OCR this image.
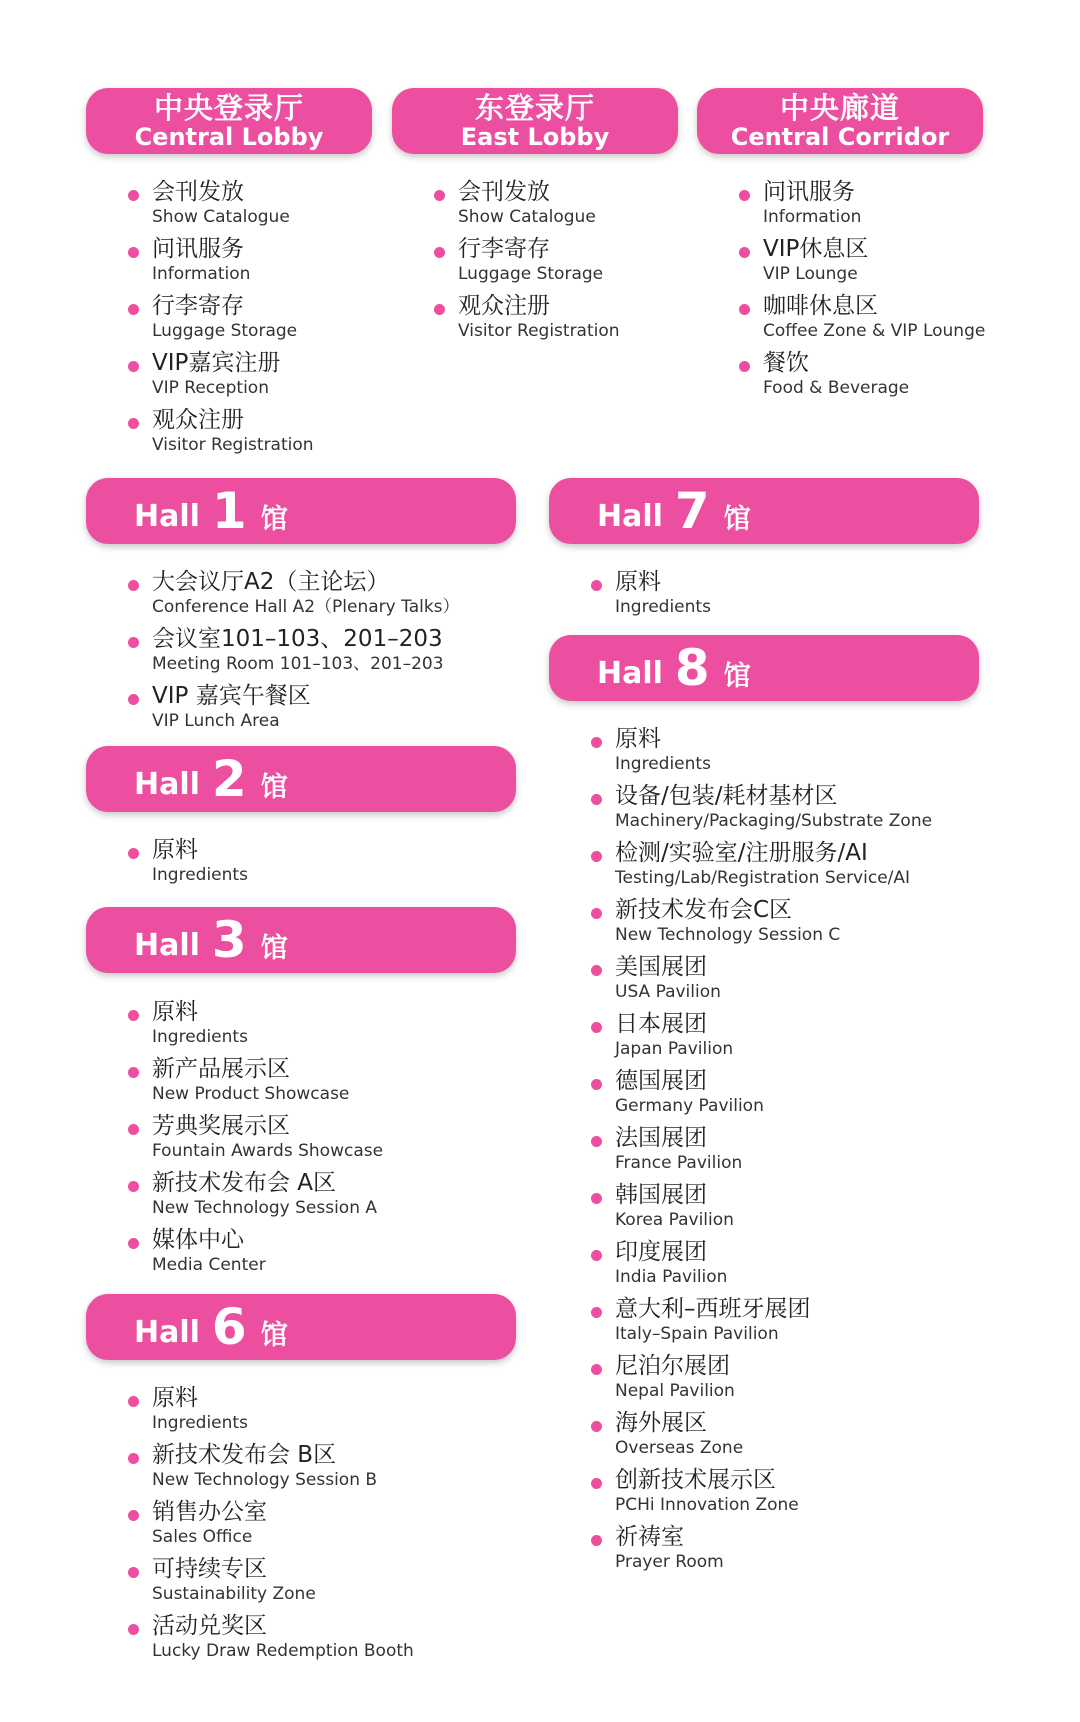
中央登录厅
Central Lobby
东登录厅
East Lobby
中央廊道
Central Corridor
会刊发放
Show Catalogue
问讯服务
Information
行李寄存
Luggage Storage
VIP嘉宾注册
VIP Reception
观众注册
Visitor Registration
会刊发放
Show Catalogue
行李寄存
Luggage Storage
观众注册
Visitor Registration
问讯服务
Information
VIP休息区
VIP Lounge
咖啡休息区
Coffee Zone & VIP Lounge
餐饮
Food & Beverage
Hall 1 馆
大会议厅A2（主论坛）
Conference Hall A2（Plenary Talks）
会议室101–103、201–203
Meeting Room 101–103、201–203
VIP 嘉宾午餐区
VIP Lunch Area
Hall 2 馆
原料
Ingredients
Hall 3 馆
原料
Ingredients
新产品展示区
New Product Showcase
芳典奖展示区
Fountain Awards Showcase
新技术发布会 A区
New Technology Session A
媒体中心
Media Center
Hall 6 馆
原料
Ingredients
新技术发布会 B区
New Technology Session B
销售办公室
Sales Office
可持续专区
Sustainability Zone
活动兑奖区
Lucky Draw Redemption Booth
Hall 7 馆
原料
Ingredients
Hall 8 馆
原料
Ingredients
设备/包装/耗材基材区
Machinery/Packaging/Substrate Zone
检测/实验室/注册服务/AI
Testing/Lab/Registration Service/AI
新技术发布会C区
New Technology Session C
美国展团
USA Pavilion
日本展团
Japan Pavilion
德国展团
Germany Pavilion
法国展团
France Pavilion
韩国展团
Korea Pavilion
印度展团
India Pavilion
意大利–西班牙展团
Italy–Spain Pavilion
尼泊尔展团
Nepal Pavilion
海外展区
Overseas Zone
创新技术展示区
PCHi Innovation Zone
祈祷室
Prayer Room
